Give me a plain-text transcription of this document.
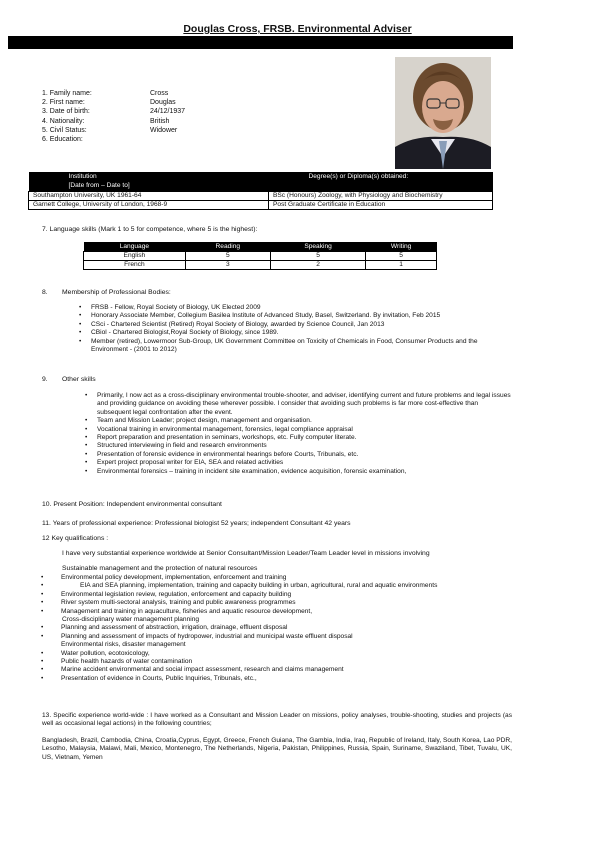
Douglas Cross, FRSB. Environmental Adviser
1. Family name:	Cross
2. First name:	Douglas
3. Date of birth:	24/12/1937
4. Nationality:	British
5. Civil Status:	Widower
6. Education:
Institution
[Date from – Date to]	Degree(s) or Diploma(s) obtained:
Southampton University, UK 1961-64	BSc (Honours) Zoology, with Physiology and Biochemistry
Garnett College, University of London, 1968-9	Post Graduate Certificate in Education
7. Language skills (Mark 1 to 5 for competence, where 5 is the highest):
Language	Reading	Speaking	Writing
English	5	5	5
French	3	2	1
8. Membership of Professional Bodies:
• FRSB - Fellow, Royal Society of Biology, UK Elected 2009
• Honorary Associate Member, Collegium Basilea Institute of Advanced Study, Basel, Switzerland. By invitation, Feb 2015
• CSci - Chartered Scientist (Retired) Royal Society of Biology, awarded by Science Council, Jan 2013
• CBiol - Chartered Biologist,Royal Society of Biology, since 1989.
• Member (retired), Lowermoor Sub-Group, UK Government Committee on Toxicity of Chemicals in Food, Consumer Products and the Environment - (2001 to 2012)
9. Other skills
• Primarily, I now act as a cross-disciplinary environmental trouble-shooter, and adviser, identifying current and future problems and legal issues and providing guidance on avoiding these wherever possible. I consider that avoiding such problems is far more cost-effective than subsequent legal confrontation after the event.
• Team and Mission Leader; project design, management and organisation.
• Vocational training in environmental management, forensics, legal compliance appraisal
• Report preparation and presentation in seminars, workshops, etc. Fully computer literate.
• Structured interviewing in field and research environments
• Presentation of forensic evidence in environmental hearings before Courts, Tribunals, etc.
• Expert project proposal writer for EIA, SEA and related activities
• Environmental forensics – training in incident site examination, evidence acquisition, forensic examination,
10. Present Position: Independent environmental consultant
11. Years of professional experience: Professional biologist 52 years; independent Consultant 42 years
12 Key qualifications :
I have very substantial experience worldwide at Senior Consultant/Mission Leader/Team Leader level in missions involving
Sustainable management and the protection of natural resources
•	Environmental policy development, implementation, enforcement and training
•	EIA and SEA planning, implementation, training and capacity building in urban, agricultural, rural and aquatic environments
•	Environmental legislation review, regulation, enforcement and capacity building
•	River system multi-sectoral analysis, training and public awareness programmes
•	Management and training in aquaculture, fisheries and aquatic resource development,
Cross-disciplinary water management planning
•	Planning and assessment of abstraction, irrigation, drainage, effluent disposal
•	Planning and assessment of impacts of hydropower, industrial and municipal waste effluent disposal
Environmental risks, disaster management
•	Water pollution, ecotoxicology,
•	Public health hazards of water contamination
•	Marine accident environmental and social impact assessment, research and claims management
•	Presentation of evidence in Courts, Public Inquiries, Tribunals, etc.,
13. Specific experience world-wide : I have worked as a Consultant and Mission Leader on missions, policy analyses, trouble-shooting, studies and projects (as well as occasional legal actions) in the following countries;
Bangladesh, Brazil, Cambodia, China, Croatia,Cyprus, Egypt, Greece, French Guiana, The Gambia, India, Iraq, Republic of Ireland, Italy, South Korea, Lao PDR, Lesotho, Malaysia, Malawi, Mali, Mexico, Montenegro, The Netherlands, Nigeria, Pakistan, Philippines, Russia, Spain, Suriname, Swaziland, Tibet, Tuvalu, UK, US, Vietnam, Yemen
